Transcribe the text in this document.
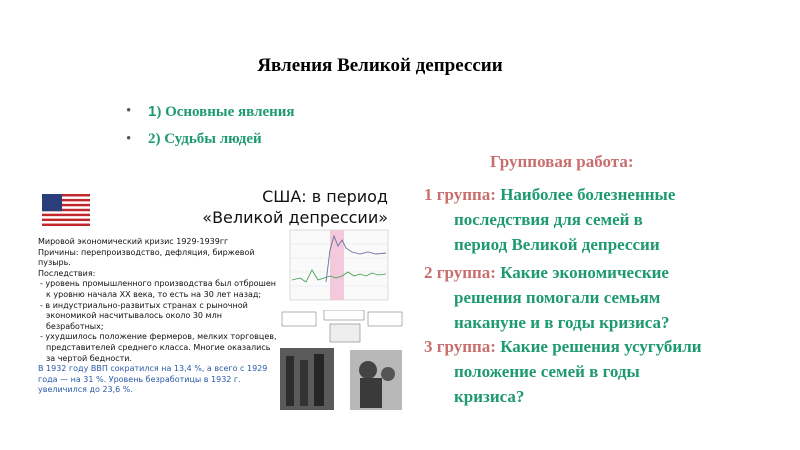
Явления Великой депрессии
• 1) Основные явления
• 2) Судьбы людей
США: в период
«Великой депрессии»

Мировой экономический кризис 1929-1939гг

Причины: перепроизводство, дефляция, биржевой пузырь.

Последствия:

- уровень промышленного производства был отброшен к уровню начала XX века, то есть на 30 лет назад;

- в индустриально-развитых странах с рыночной экономикой насчитывалось около 30 млн безработных;

- ухудшилось положение фермеров, мелких торговцев, представителей среднего класса. Многие оказались за чертой бедности.

В 1932 году ВВП сократился на 13,4 %, а всего с 1929 года — на 31 %. Уровень безработицы в 1932 г. увеличился до 23,6 %.

Групповая работа:
1 группа: Наиболее болезненные
последствия для семей в
период Великой депрессии
2 группа: Какие экономические
решения помогали семьям
накануне и в годы кризиса?
3 группа: Какие решения усугубили
положение семей в годы
кризиса?
